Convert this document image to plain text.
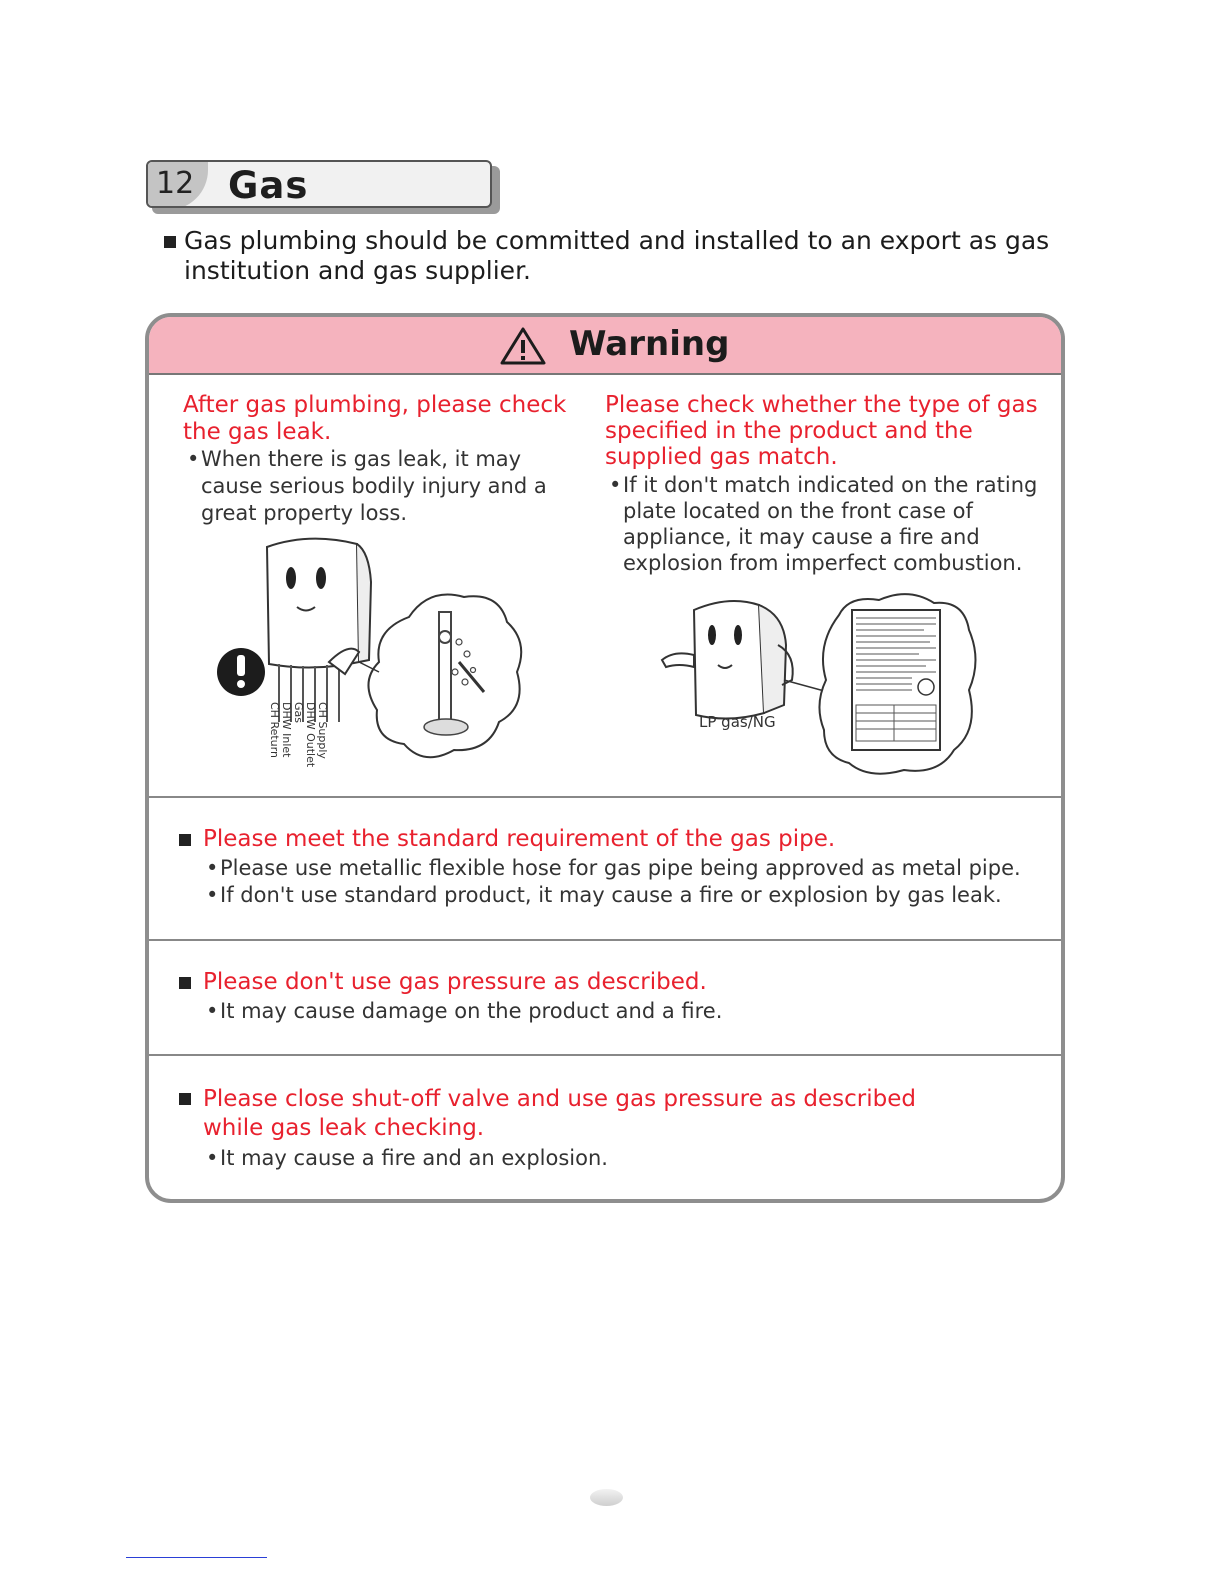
12 Gas
Gas plumbing should be committed and installed to an export as gas institution and gas supplier.
Warning
After gas plumbing, please check the gas leak.
• When there is gas leak, it may cause serious bodily injury and a great property loss.
CH Return DHW Inlet Gas DHW Outlet CH Supply
Please check whether the type of gas specified in the product and the supplied gas match.
• If it don't match indicated on the rating plate located on the front case of appliance, it may cause a fire and explosion from imperfect combustion.
LP gas/NG
Please meet the standard requirement of the gas pipe.
• Please use metallic flexible hose for gas pipe being approved as metal pipe.
• If don't use standard product, it may cause a fire or explosion by gas leak.
Please don't use gas pressure as described.
• It may cause damage on the product and a fire.
Please close shut-off valve and use gas pressure as described while gas leak checking.
• It may cause a fire and an explosion.
